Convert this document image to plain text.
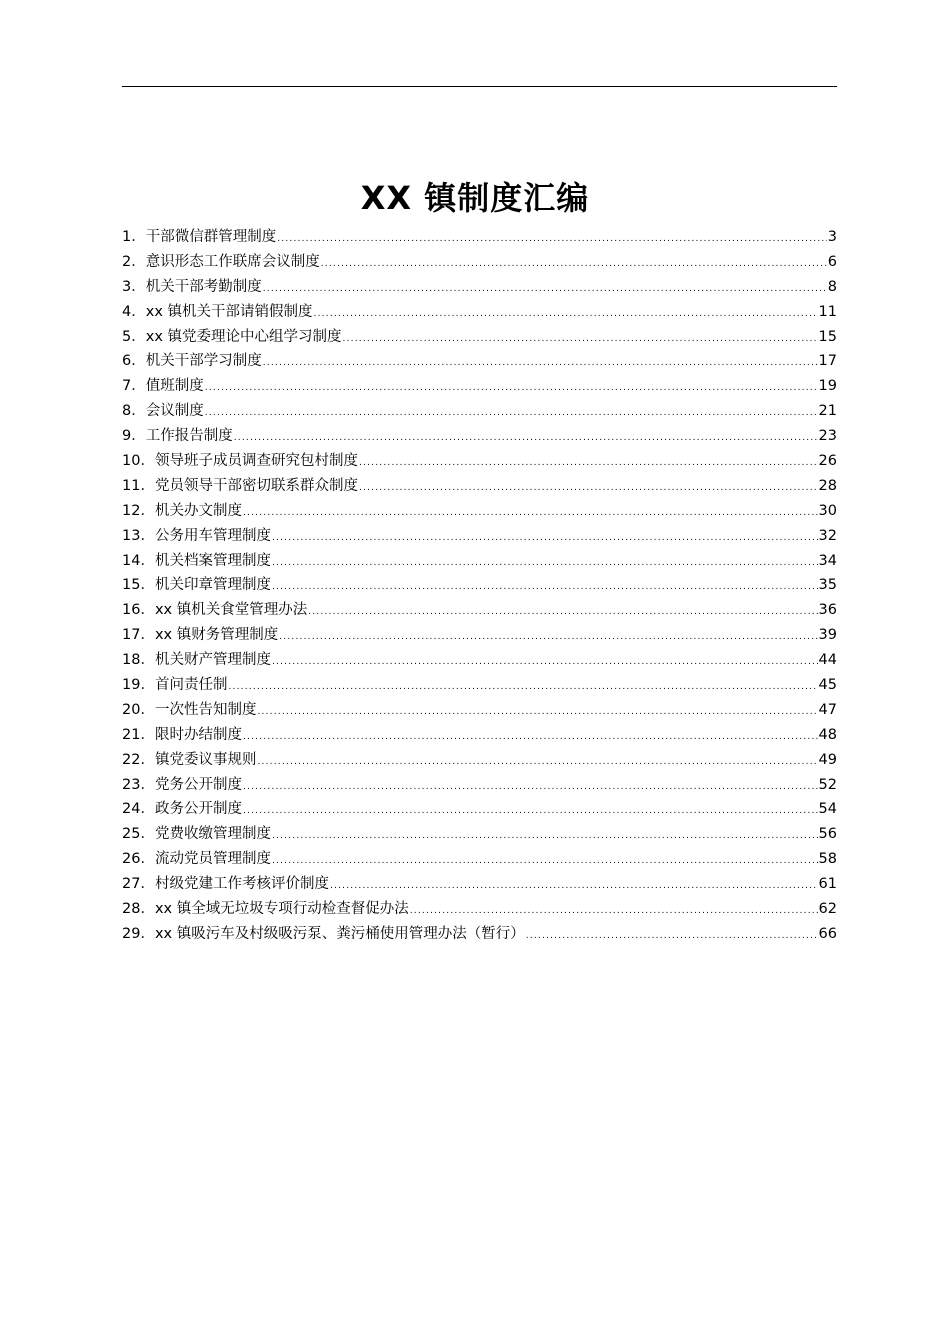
XX 镇制度汇编
1． 干部微信群管理制度 .....	3
2． 意识形态工作联席会议制度 .....	6
3． 机关干部考勤制度 .....	8
4． xx 镇机关干部请销假制度 .....	11
5． xx 镇党委理论中心组学习制度 .....	15
6． 机关干部学习制度 .....	17
7． 值班制度 .....	19
8． 会议制度 .....	21
9． 工作报告制度 .....	23
10． 领导班子成员调查研究包村制度 .....	26
11． 党员领导干部密切联系群众制度 .....	28
12． 机关办文制度 .....	30
13． 公务用车管理制度 .....	32
14． 机关档案管理制度 .....	34
15． 机关印章管理制度 .....	35
16． xx 镇机关食堂管理办法 .....	36
17． xx 镇财务管理制度 .....	39
18． 机关财产管理制度 .....	44
19． 首问责任制 .....	45
20． 一次性告知制度 .....	47
21． 限时办结制度 .....	48
22． 镇党委议事规则 .....	49
23． 党务公开制度 .....	52
24． 政务公开制度 .....	54
25． 党费收缴管理制度 .....	56
26． 流动党员管理制度 .....	58
27． 村级党建工作考核评价制度 .....	61
28． xx 镇全域无垃圾专项行动检查督促办法 .....	62
29． xx 镇吸污车及村级吸污泵、粪污桶使用管理办法（暂行） .....	66
